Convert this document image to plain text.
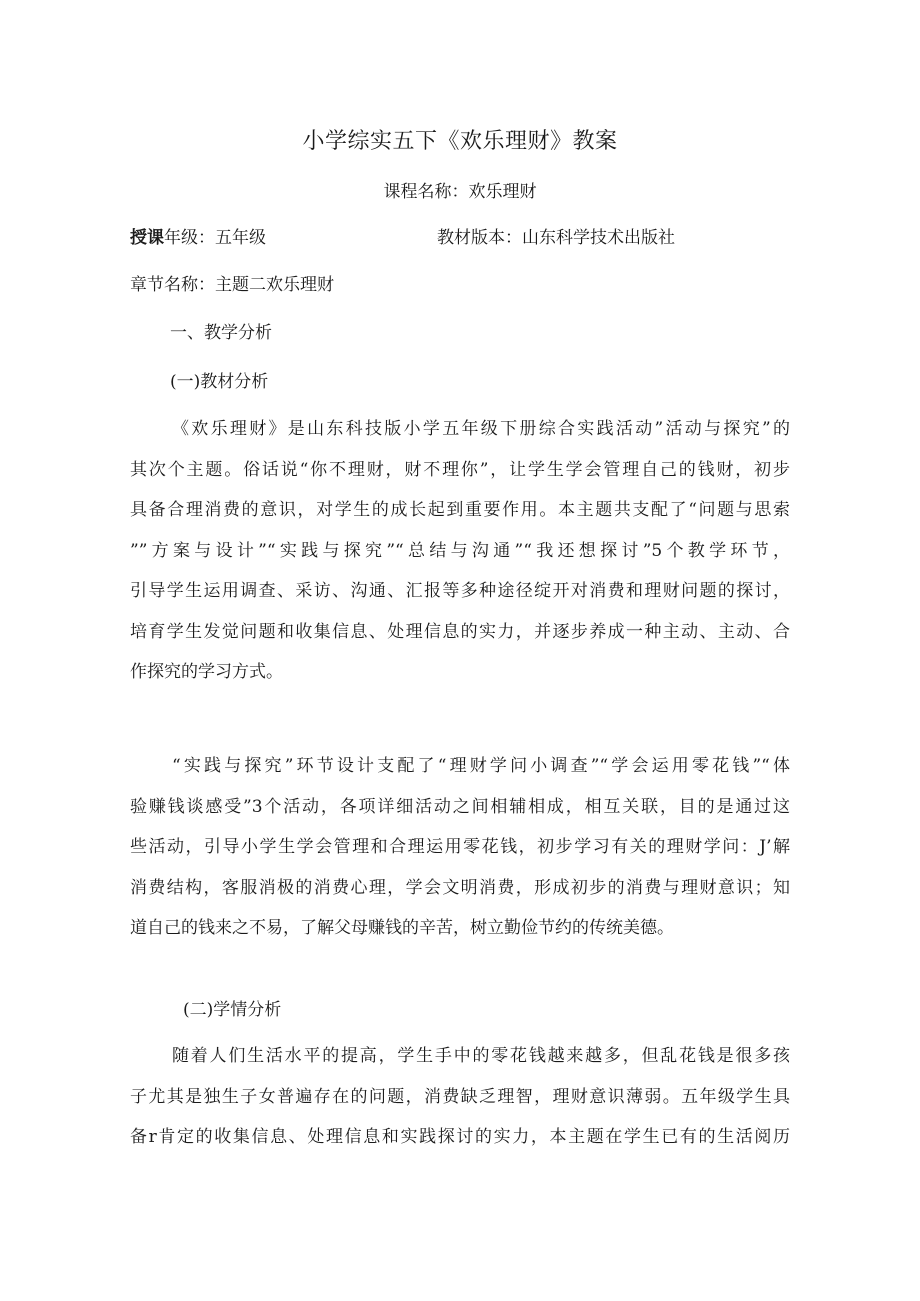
小学综实五下《欢乐理财》教案
课程名称：欢乐理财
授课年级：五年级	教材版本：山东科学技术出版社
章节名称：主题二欢乐理财
一、教学分析
(一)教材分析
《欢乐理财》是山东科技版小学五年级下册综合实践活动”活动与探究”的
其次个主题。俗话说“你不理财，财不理你”，让学生学会管理自己的钱财，初步
具备合理消费的意识，对学生的成长起到重要作用。本主题共支配了“问题与思索
””方案与设计”“实践与探究”“总结与沟通”“我还想探讨”5个教学环节，
引导学生运用调查、采访、沟通、汇报等多种途径绽开对消费和理财问题的探讨，
培育学生发觉问题和收集信息、处理信息的实力，并逐步养成一种主动、主动、合
作探究的学习方式。
“实践与探究”环节设计支配了“理财学问小调查”“学会运用零花钱”“体
验赚钱谈感受”3个活动，各项详细活动之间相辅相成，相互关联，目的是通过这
些活动，引导小学生学会管理和合理运用零花钱，初步学习有关的理财学问：J’解
消费结构，客服消极的消费心理，学会文明消费，形成初步的消费与理财意识；知
道自己的钱来之不易，了解父母赚钱的辛苦，树立勤俭节约的传统美德。
(二)学情分析
随着人们生活水平的提高，学生手中的零花钱越来越多，但乱花钱是很多孩
子尤其是独生子女普遍存在的问题，消费缺乏理智，理财意识薄弱。五年级学生具
备r肯定的收集信息、处理信息和实践探讨的实力，本主题在学生已有的生活阅历
